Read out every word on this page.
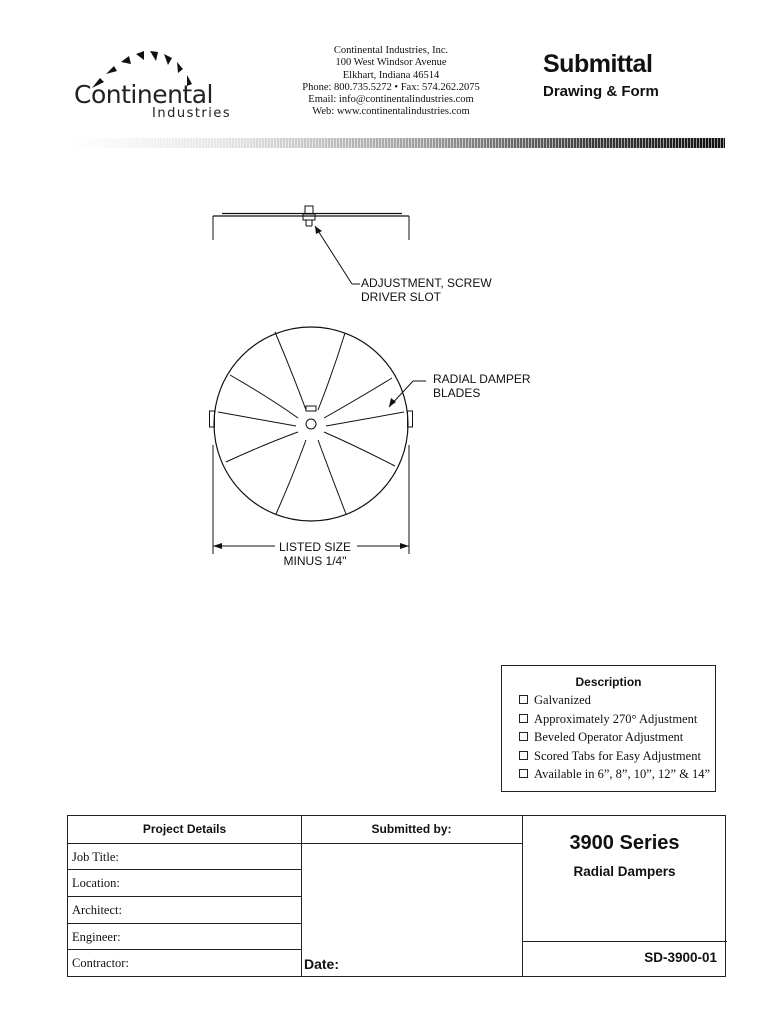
Continental
Industries
Continental Industries, Inc.
100 West Windsor Avenue
Elkhart, Indiana 46514
Phone: 800.735.5272 • Fax: 574.262.2075
Email: info@continentalindustries.com
Web: www.continentalindustries.com
Submittal
Drawing & Form
ADJUSTMENT, SCREW
DRIVER SLOT
RADIAL DAMPER
BLADES
LISTED SIZE
MINUS 1/4"
Description
Galvanized
Approximately 270° Adjustment
Beveled Operator Adjustment
Scored Tabs for Easy Adjustment
Available in 6”, 8”, 10”, 12” & 14”
Project Details	Submitted by:
Job Title:
Location:
Architect:
Engineer:
Contractor:	Date:
3900 Series
Radial Dampers
SD-3900-01
